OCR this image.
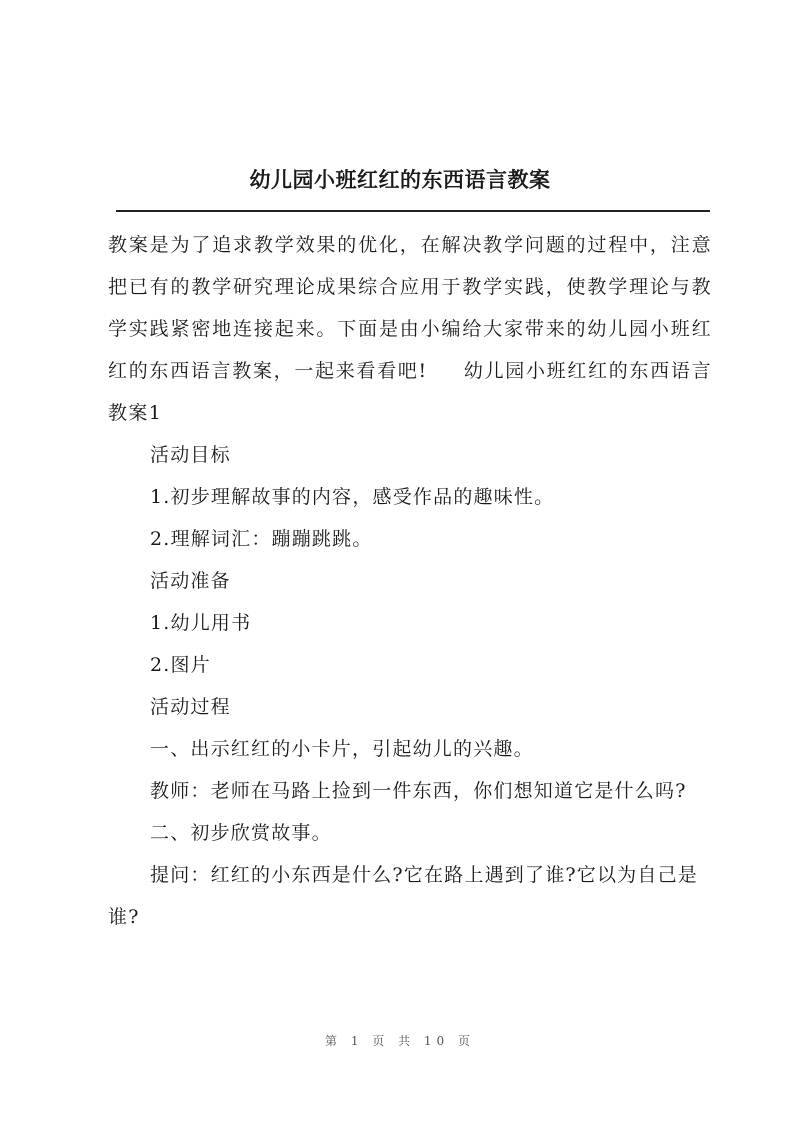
幼儿园小班红红的东西语言教案

教案是为了追求教学效果的优化，在解决教学问题的过程中，注意把已有的教学研究理论成果综合应用于教学实践，使教学理论与教学实践紧密地连接起来。下面是由小编给大家带来的幼儿园小班红红的东西语言教案，一起来看看吧! 幼儿园小班红红的东西语言教案1

活动目标

1.初步理解故事的内容，感受作品的趣味性。

2.理解词汇：蹦蹦跳跳。

活动准备

1.幼儿用书

2.图片

活动过程

一、出示红红的小卡片，引起幼儿的兴趣。

教师：老师在马路上捡到一件东西，你们想知道它是什么吗?

二、初步欣赏故事。

提问：红红的小东西是什么?它在路上遇到了谁?它以为自己是谁?

第 1 页 共 10 页
